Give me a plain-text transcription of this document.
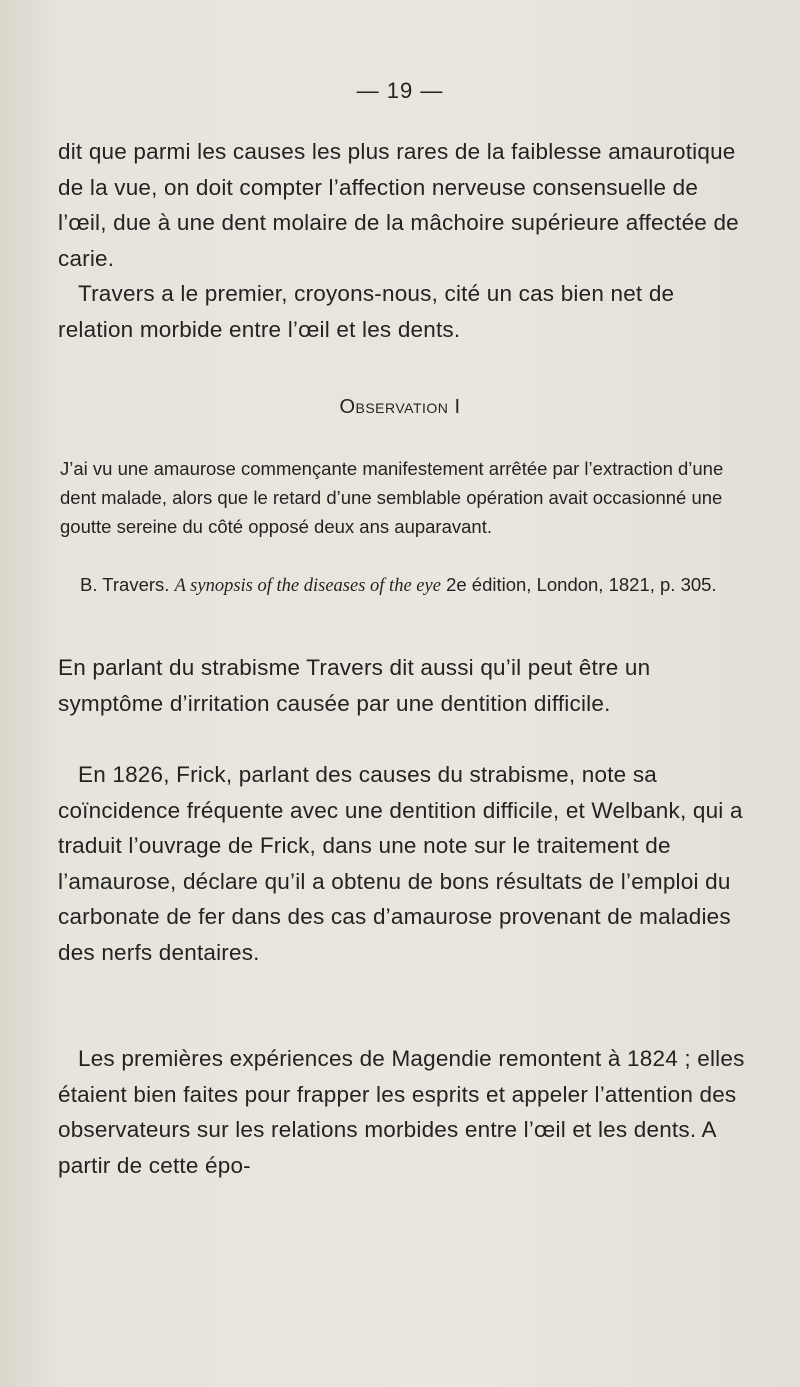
— 19 —

dit que parmi les causes les plus rares de la faiblesse amaurotique de la vue, on doit compter l’affection nerveuse consensuelle de l’œil, due à une dent molaire de la mâchoire supérieure affectée de carie.

Travers a le premier, croyons-nous, cité un cas bien net de relation morbide entre l’œil et les dents.

Observation I

J’ai vu une amaurose commençante manifestement arrêtée par l’extraction d’une dent malade, alors que le retard d’une semblable opération avait occasionné une goutte sereine du côté opposé deux ans auparavant.

B. Travers. A synopsis of the diseases of the eye 2e édition, London, 1821, p. 305.

En parlant du strabisme Travers dit aussi qu’il peut être un symptôme d’irritation causée par une dentition difficile.

En 1826, Frick, parlant des causes du strabisme, note sa coïncidence fréquente avec une dentition difficile, et Welbank, qui a traduit l’ouvrage de Frick, dans une note sur le traitement de l’amaurose, déclare qu’il a obtenu de bons résultats de l’emploi du carbonate de fer dans des cas d’amaurose provenant de maladies des nerfs dentaires.

Les premières expériences de Magendie remontent à 1824 ; elles étaient bien faites pour frapper les esprits et appeler l’attention des observateurs sur les relations morbides entre l’œil et les dents. A partir de cette épo-
